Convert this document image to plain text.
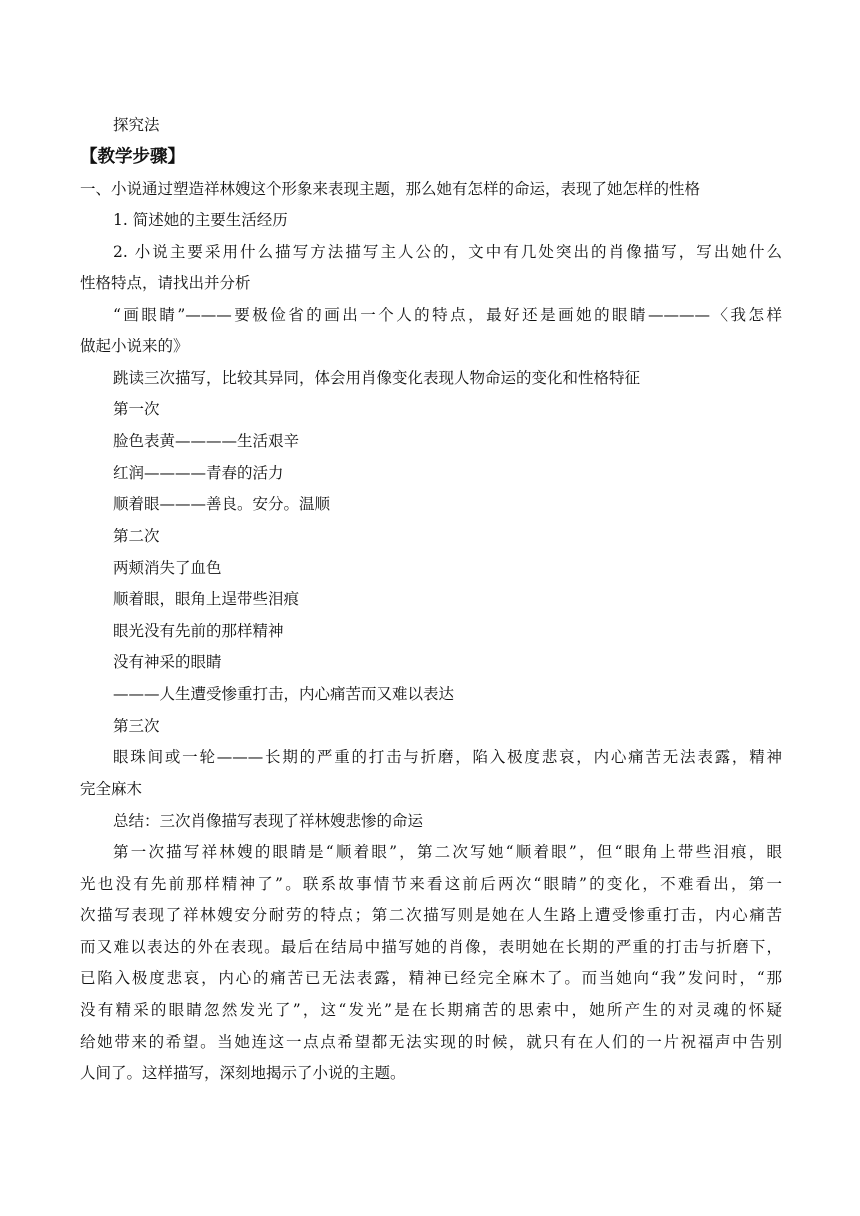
探究法
【教学步骤】
一、小说通过塑造祥林嫂这个形象来表现主题，那么她有怎样的命运，表现了她怎样的性格
1. 简述她的主要生活经历
2. 小说主要采用什么描写方法描写主人公的，文中有几处突出的肖像描写，写出她什么
性格特点，请找出并分析
“画眼睛”———要极俭省的画出一个人的特点，最好还是画她的眼睛————〈我怎样
做起小说来的》
跳读三次描写，比较其异同，体会用肖像变化表现人物命运的变化和性格特征
第一次
脸色表黄————生活艰辛
红润————青春的活力
顺着眼———善良。安分。温顺
第二次
两颊消失了血色
顺着眼，眼角上逞带些泪痕
眼光没有先前的那样精神
没有神采的眼睛
———人生遭受惨重打击，内心痛苦而又难以表达
第三次
眼珠间或一轮———长期的严重的打击与折磨，陷入极度悲哀，内心痛苦无法表露，精神
完全麻木
总结：三次肖像描写表现了祥林嫂悲惨的命运
第一次描写祥林嫂的眼睛是“顺着眼”，第二次写她“顺着眼”，但“眼角上带些泪痕，眼
光也没有先前那样精神了”。联系故事情节来看这前后两次“眼睛”的变化，不难看出，第一
次描写表现了祥林嫂安分耐劳的特点；第二次描写则是她在人生路上遭受惨重打击，内心痛苦
而又难以表达的外在表现。最后在结局中描写她的肖像，表明她在长期的严重的打击与折磨下，
已陷入极度悲哀，内心的痛苦已无法表露，精神已经完全麻木了。而当她向“我”发问时，“那
没有精采的眼睛忽然发光了”，这“发光”是在长期痛苦的思索中，她所产生的对灵魂的怀疑
给她带来的希望。当她连这一点点希望都无法实现的时候，就只有在人们的一片祝福声中告别
人间了。这样描写，深刻地揭示了小说的主题。
